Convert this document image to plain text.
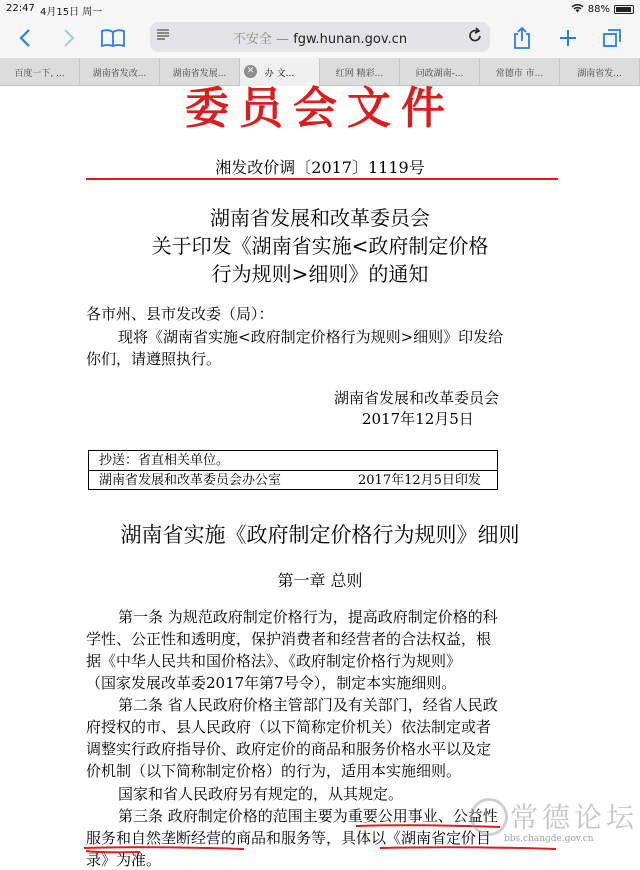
22:47 4月15日 周一	88%
不安全 — fgw.hunan.gov.cn
百度一下, ...	湖南省发改...	湖南省发展...	✕	办 文...	红网 精彩...	问政湖南-...	常德市 市...	湖南省发...
委员会文件
湘发改价调〔2017〕1119号
湖南省发展和改革委员会
关于印发《湖南省实施<政府制定价格
行为规则>细则》的通知
各市州、县市发改委（局）：
现将《湖南省实施<政府制定价格行为规则>细则》印发给
你们，请遵照执行。
湖南省发展和改革委员会
2017年12月5日
抄送：省直相关单位。
湖南省发展和改革委员会办公室	2017年12月5日印发
湖南省实施《政府制定价格行为规则》细则
第一章 总则
第一条 为规范政府制定价格行为，提高政府制定价格的科
学性、公正性和透明度，保护消费者和经营者的合法权益，根
据《中华人民共和国价格法》、《政府制定价格行为规则》
（国家发展改革委2017年第7号令），制定本实施细则。
第二条 省人民政府价格主管部门及有关部门，经省人民政
府授权的市、县人民政府（以下简称定价机关）依法制定或者
调整实行政府指导价、政府定价的商品和服务价格水平以及定
价机制（以下简称制定价格）的行为，适用本实施细则。
国家和省人民政府另有规定的，从其规定。
第三条 政府制定价格的范围主要为重要公用事业、公益性
服务和自然垄断经营的商品和服务等，具体以《湖南省定价目
录》为准。
常德论坛
bbs.changde.gov.cn
